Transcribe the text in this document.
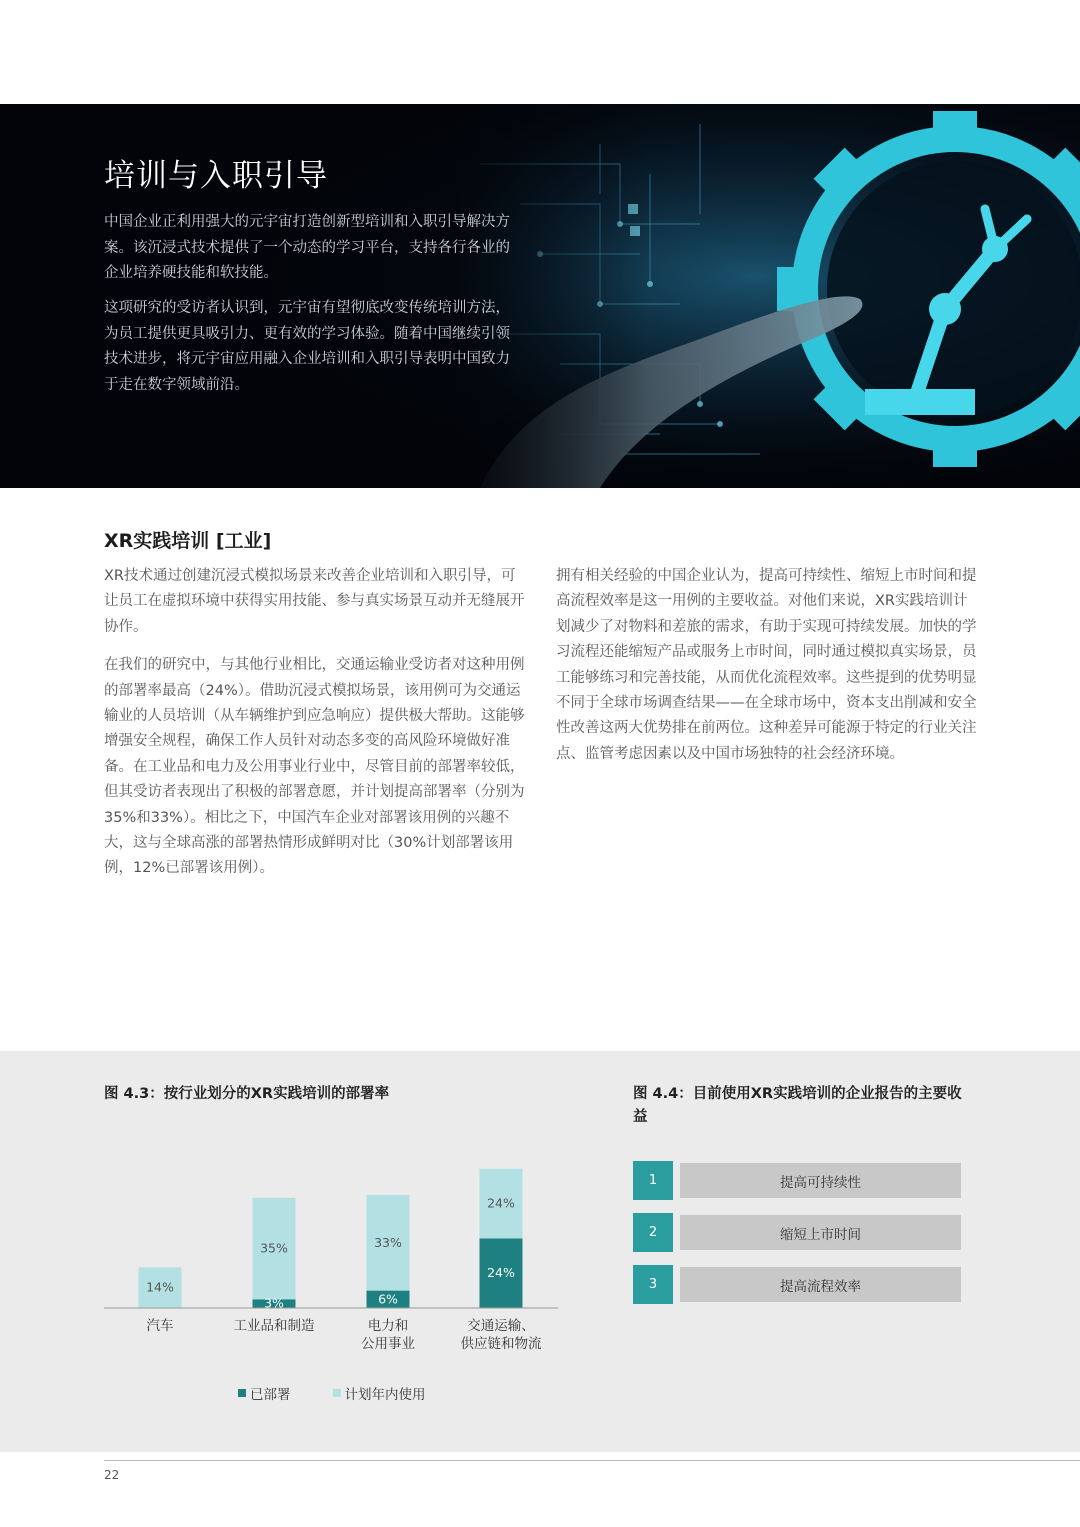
培训与入职引导

中国企业正利用强大的元宇宙打造创新型培训和入职引导解决方案。该沉浸式技术提供了一个动态的学习平台，支持各行各业的企业培养硬技能和软技能。

这项研究的受访者认识到，元宇宙有望彻底改变传统培训方法，为员工提供更具吸引力、更有效的学习体验。随着中国继续引领技术进步，将元宇宙应用融入企业培训和入职引导表明中国致力于走在数字领域前沿。

XR实践培训 [工业]

XR技术通过创建沉浸式模拟场景来改善企业培训和入职引导，可让员工在虚拟环境中获得实用技能、参与真实场景互动并无缝展开协作。

在我们的研究中，与其他行业相比，交通运输业受访者对这种用例的部署率最高（24%）。借助沉浸式模拟场景，该用例可为交通运输业的人员培训（从车辆维护到应急响应）提供极大帮助。这能够增强安全规程，确保工作人员针对动态多变的高风险环境做好准备。在工业品和电力及公用事业行业中，尽管目前的部署率较低，但其受访者表现出了积极的部署意愿，并计划提高部署率（分别为35%和33%）。相比之下，中国汽车企业对部署该用例的兴趣不大，这与全球高涨的部署热情形成鲜明对比（30%计划部署该用例，12%已部署该用例）。

拥有相关经验的中国企业认为，提高可持续性、缩短上市时间和提高流程效率是这一用例的主要收益。对他们来说，XR实践培训计划减少了对物料和差旅的需求，有助于实现可持续发展。加快的学习流程还能缩短产品或服务上市时间，同时通过模拟真实场景，员工能够练习和完善技能，从而优化流程效率。这些提到的优势明显不同于全球市场调查结果——在全球市场中，资本支出削减和安全性改善这两大优势排在前两位。这种差异可能源于特定的行业关注点、监管考虑因素以及中国市场独特的社会经济环境。

图 4.3：按行业划分的XR实践培训的部署率
14%
汽车
35%
3%
工业品和制造
33%
6%
电力和
公用事业
24%
24%
交通运输、
供应链和物流
已部署	计划年内使用
图 4.4：目前使用XR实践培训的企业报告的主要收益
1	提高可持续性
2	缩短上市时间
3	提高流程效率
22
